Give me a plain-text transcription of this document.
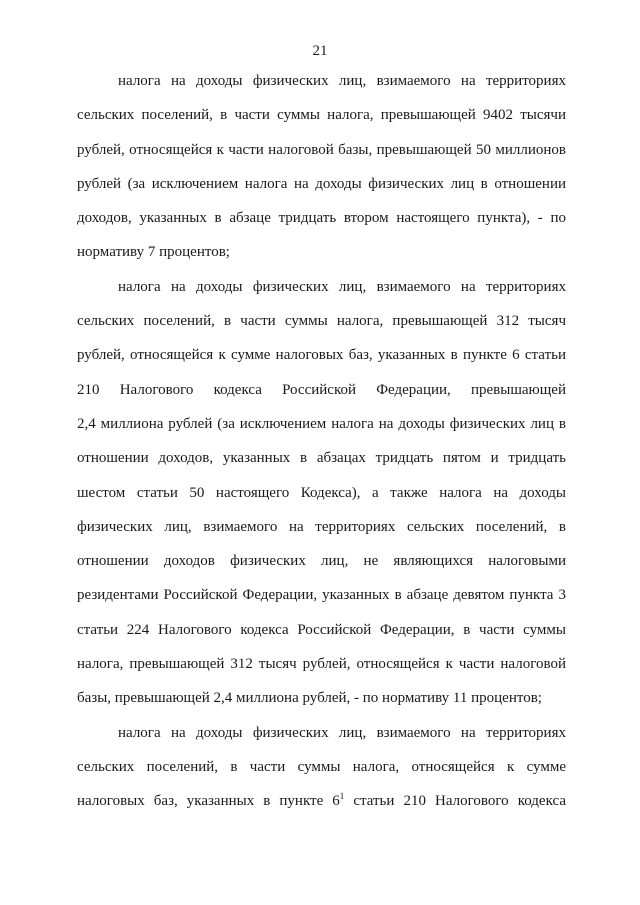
21
налога на доходы физических лиц, взимаемого на территориях
сельских поселений, в части суммы налога, превышающей 9402 тысячи
рублей, относящейся к части налоговой базы, превышающей 50 миллионов
рублей (за исключением налога на доходы физических лиц в отношении
доходов, указанных в абзаце тридцать втором настоящего пункта), - по
нормативу 7 процентов;
налога на доходы физических лиц, взимаемого на территориях
сельских поселений, в части суммы налога, превышающей 312 тысяч
рублей, относящейся к сумме налоговых баз, указанных в пункте 6 статьи
210 Налогового кодекса Российской Федерации, превышающей
2,4 миллиона рублей (за исключением налога на доходы физических лиц в
отношении доходов, указанных в абзацах тридцать пятом и тридцать
шестом статьи 50 настоящего Кодекса), а также налога на доходы
физических лиц, взимаемого на территориях сельских поселений, в
отношении доходов физических лиц, не являющихся налоговыми
резидентами Российской Федерации, указанных в абзаце девятом пункта 3
статьи 224 Налогового кодекса Российской Федерации, в части суммы
налога, превышающей 312 тысяч рублей, относящейся к части налоговой
базы, превышающей 2,4 миллиона рублей, - по нормативу 11 процентов;
налога на доходы физических лиц, взимаемого на территориях
сельских поселений, в части суммы налога, относящейся к сумме
налоговых баз, указанных в пункте $6^1$ статьи 210 Налогового кодекса
